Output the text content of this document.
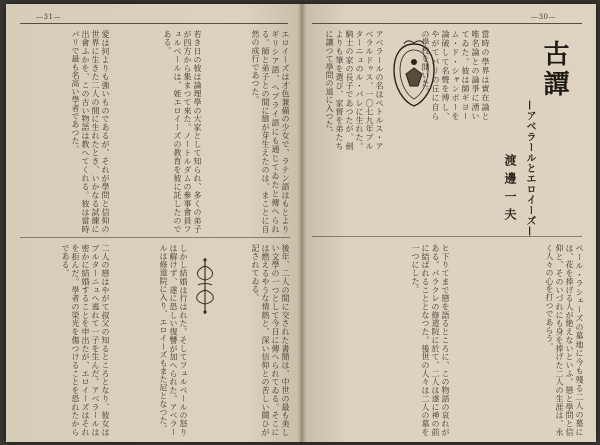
—31—

愛は何よりも強いものであるが、それが學問と信仰の世界に生きた二人の間に生れたとき、いかなる試練に出會ふかを、この古い物語は教へてくれる。彼は當時パリで最も名高い學者であつた。	若き日の彼は論理學の大家として知られ、多くの弟子が四方から集まつて來た。ノートルダムの參事會員フュルベールは、姪エロイーズの教育を彼に託したのである。	エロイーズは才色兼備の少女で、ラテン語はもとよりギリシア語、ヘブライ語にも通じてゐたと傳へられる。師と弟子との間に戀が芽生えたのは、まことに自然の成行であつた。

二人の戀はやがて叔父の知るところとなり、彼女はブルターニュへ逃れて一子を生んだ。アベラールは密かに結婚することを申出たが、エロイーズはそれを拒んだ。學者の榮光を傷つけることを恐れたからである。	しかし結婚は行はれた。そしてフュルベールの怒りは解けず、遂に恐しい復讐が加へられた。アベラールは修道院に入り、エロイーズもまた尼となつた。	後年、二人の間に交された書簡は、中世の最も美しい文學の一つとして今日に傳へられてゐる。そこには燃えるやうな情熱と、深い信仰との苦しい鬪ひが記されてゐる。

—30—

アベラールの名はペトルス・アベラルドゥス、一〇七九年ブルターニュのル・パレに生れた。騎士の家の長子であつたが、劍よりも筆を選び、家督を弟たちに讓つて學問の道に入つた。	當時の學界は實在論と唯名論との論爭に湧いてゐた。彼は師ギヨーム・ド・シャンポーを論破して名聲を博し、やがてパリの丘に自らの學校を開いた。	古譚
—アベラールとエロイーズ—
渡邊一夫

ヒ下りてまで戀を語るところに、この物語の哀れがある。パラクレの修道院に於て、二人は遂に神の前に結ばれることとなつた。後世の人々は二人の墓を一つにした。	ペール・ラシェーズの墓地に今も殘る二人の墓には、花を捧げる人が絶えないといふ。戀と學問と信仰と、そのいづれにも身を捧げた二人の生涯は、永く人々の心を打つであらう。
